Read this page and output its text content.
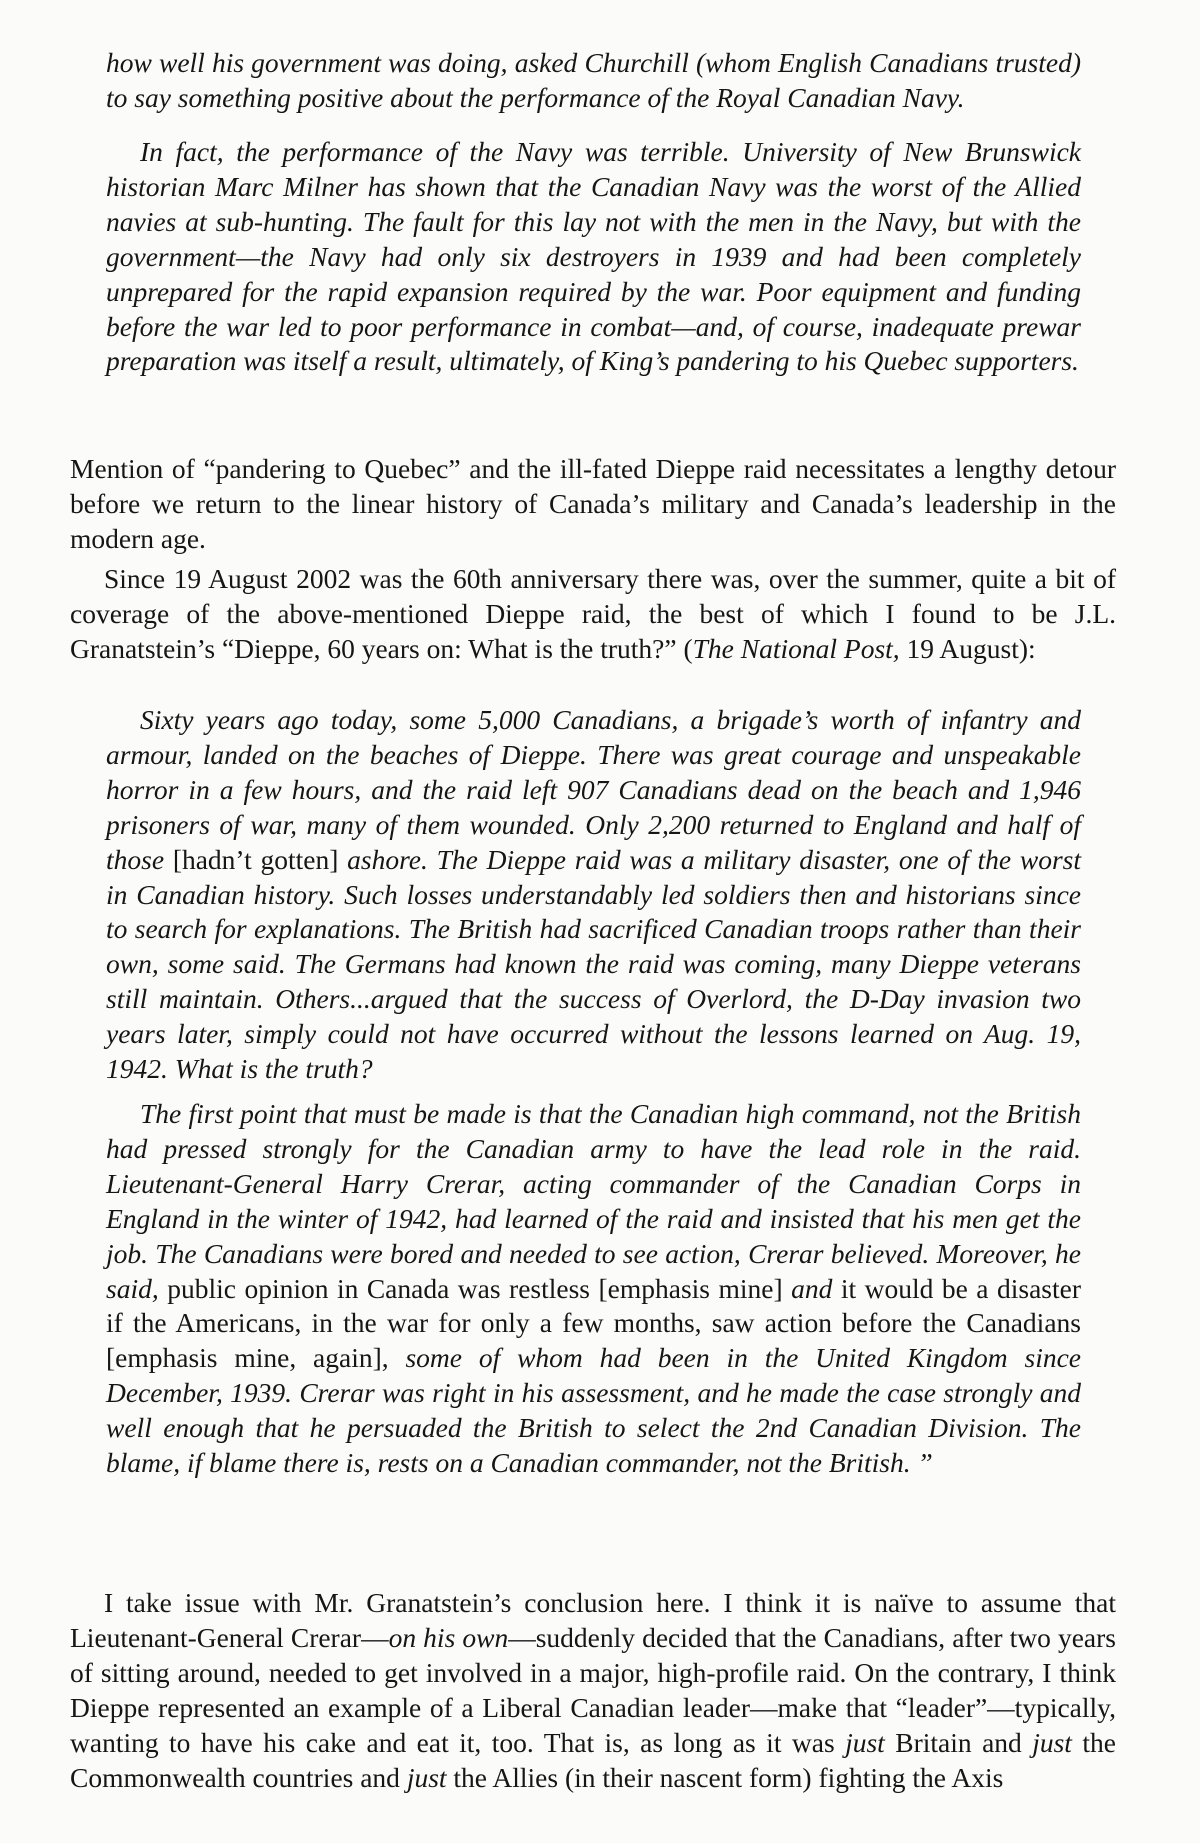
how well his government was doing, asked Churchill (whom English Canadians trusted) to say something positive about the performance of the Royal Canadian Navy.

In fact, the performance of the Navy was terrible. University of New Brunswick historian Marc Milner has shown that the Canadian Navy was the worst of the Allied navies at sub-hunting. The fault for this lay not with the men in the Navy, but with the government—the Navy had only six destroyers in 1939 and had been completely unprepared for the rapid expansion required by the war. Poor equipment and funding before the war led to poor performance in combat—and, of course, inadequate prewar preparation was itself a result, ultimately, of King’s pandering to his Quebec supporters.

Mention of “pandering to Quebec” and the ill-fated Dieppe raid necessitates a lengthy detour before we return to the linear history of Canada’s military and Canada’s leadership in the modern age.

Since 19 August 2002 was the 60th anniversary there was, over the summer, quite a bit of coverage of the above-mentioned Dieppe raid, the best of which I found to be J.L. Granatstein’s “Dieppe, 60 years on: What is the truth?” (The National Post, 19 August):

Sixty years ago today, some 5,000 Canadians, a brigade’s worth of infantry and armour, landed on the beaches of Dieppe. There was great courage and unspeakable horror in a few hours, and the raid left 907 Canadians dead on the beach and 1,946 prisoners of war, many of them wounded. Only 2,200 returned to England and half of those [hadn’t gotten] ashore. The Dieppe raid was a military disaster, one of the worst in Canadian history. Such losses understandably led soldiers then and historians since to search for explanations. The British had sacrificed Canadian troops rather than their own, some said. The Germans had known the raid was coming, many Dieppe veterans still maintain. Others...argued that the success of Overlord, the D-Day invasion two years later, simply could not have occurred without the lessons learned on Aug. 19, 1942. What is the truth?

The first point that must be made is that the Canadian high command, not the British had pressed strongly for the Canadian army to have the lead role in the raid. Lieutenant-General Harry Crerar, acting commander of the Canadian Corps in England in the winter of 1942, had learned of the raid and insisted that his men get the job. The Canadians were bored and needed to see action, Crerar believed. Moreover, he said, public opinion in Canada was restless [emphasis mine] and it would be a disaster if the Americans, in the war for only a few months, saw action before the Canadians [emphasis mine, again], some of whom had been in the United Kingdom since December, 1939. Crerar was right in his assessment, and he made the case strongly and well enough that he persuaded the British to select the 2nd Canadian Division. The blame, if blame there is, rests on a Canadian commander, not the British. ”

I take issue with Mr. Granatstein’s conclusion here. I think it is naïve to assume that Lieutenant-General Crerar—on his own—suddenly decided that the Canadians, after two years of sitting around, needed to get involved in a major, high-profile raid. On the contrary, I think Dieppe represented an example of a Liberal Canadian leader—make that “leader”—typically, wanting to have his cake and eat it, too. That is, as long as it was just Britain and just the Commonwealth countries and just the Allies (in their nascent form) fighting the Axis
